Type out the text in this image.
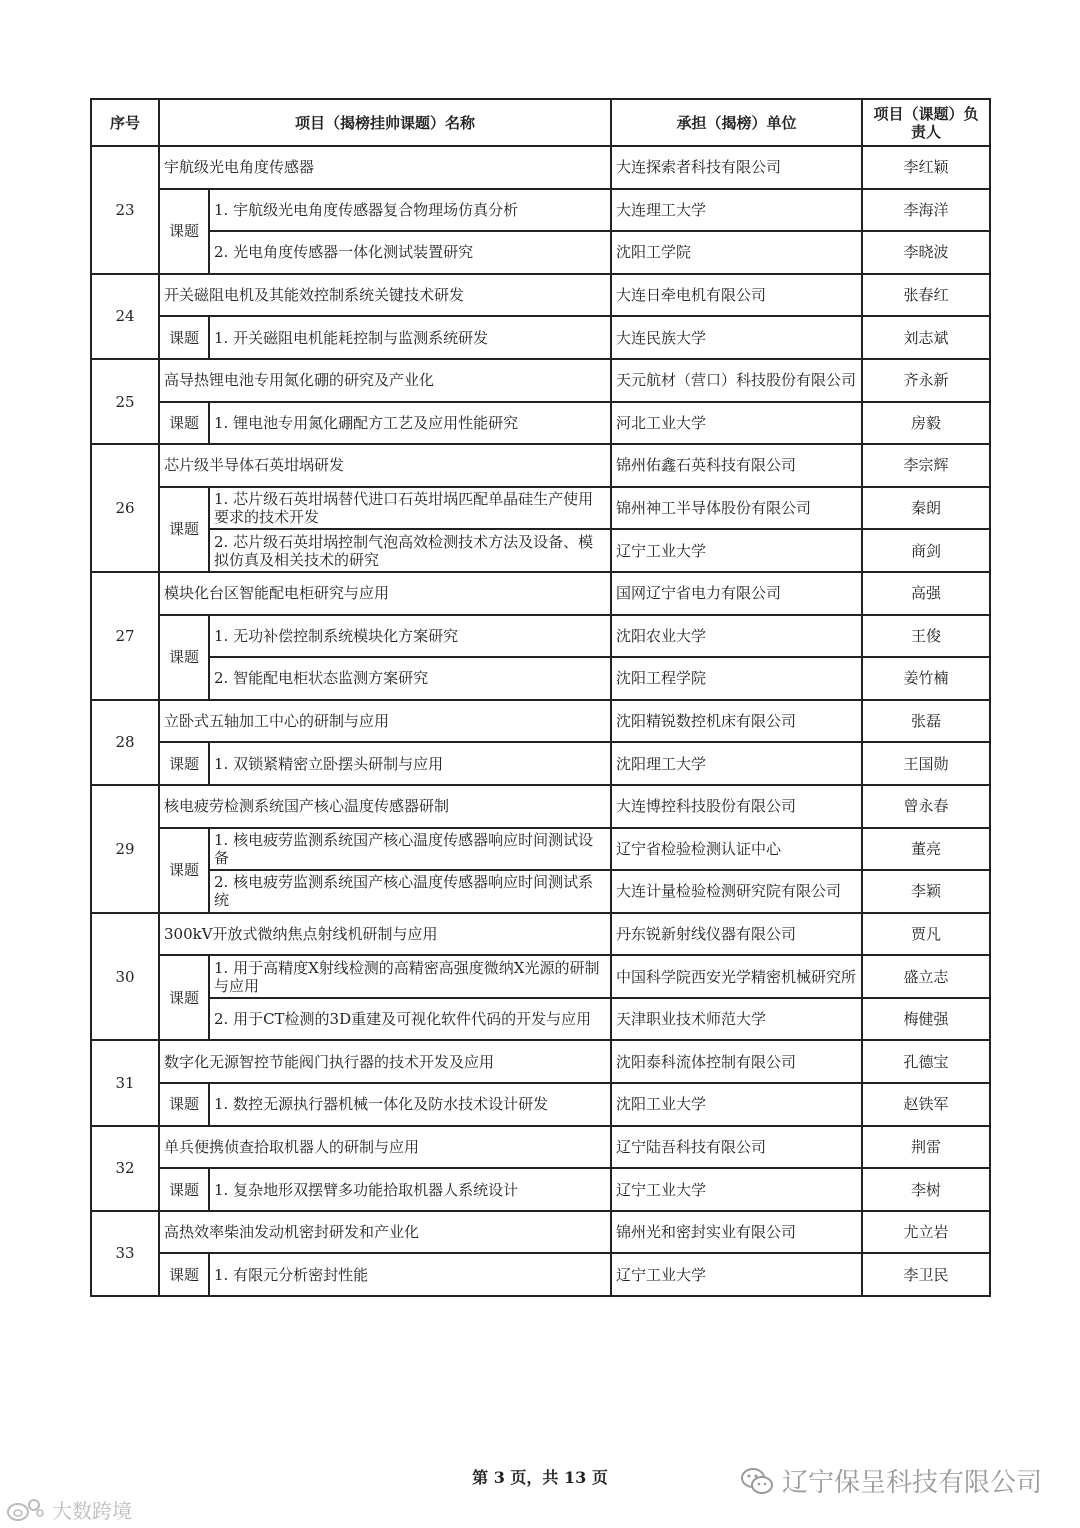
序号	项目（揭榜挂帅课题）名称		承担（揭榜）单位	项目（课题）负责人
23	宇航级光电角度传感器		大连探索者科技有限公司	李红颖
	课题	1. 宇航级光电角度传感器复合物理场仿真分析	大连理工大学	李海洋
		2. 光电角度传感器一体化测试装置研究	沈阳工学院	李晓波
24	开关磁阻电机及其能效控制系统关键技术研发		大连日牵电机有限公司	张春红
	课题	1. 开关磁阻电机能耗控制与监测系统研发	大连民族大学	刘志斌
25	高导热锂电池专用氮化硼的研究及产业化		天元航材（营口）科技股份有限公司	齐永新
	课题	1. 锂电池专用氮化硼配方工艺及应用性能研究	河北工业大学	房毅
26	芯片级半导体石英坩埚研发		锦州佑鑫石英科技有限公司	李宗辉
	课题	1. 芯片级石英坩埚替代进口石英坩埚匹配单晶硅生产使用要求的技术开发	锦州神工半导体股份有限公司	秦朗
		2. 芯片级石英坩埚控制气泡高效检测技术方法及设备、模拟仿真及相关技术的研究	辽宁工业大学	商剑
27	模块化台区智能配电柜研究与应用		国网辽宁省电力有限公司	高强
	课题	1. 无功补偿控制系统模块化方案研究	沈阳农业大学	王俊
		2. 智能配电柜状态监测方案研究	沈阳工程学院	姜竹楠
28	立卧式五轴加工中心的研制与应用		沈阳精锐数控机床有限公司	张磊
	课题	1. 双锁紧精密立卧摆头研制与应用	沈阳理工大学	王国勋
29	核电疲劳检测系统国产核心温度传感器研制		大连博控科技股份有限公司	曾永春
	课题	1. 核电疲劳监测系统国产核心温度传感器响应时间测试设备	辽宁省检验检测认证中心	董亮
		2. 核电疲劳监测系统国产核心温度传感器响应时间测试系统	大连计量检验检测研究院有限公司	李颖
30	300kV开放式微纳焦点射线机研制与应用		丹东锐新射线仪器有限公司	贾凡
	课题	1. 用于高精度X射线检测的高精密高强度微纳X光源的研制与应用	中国科学院西安光学精密机械研究所	盛立志
		2. 用于CT检测的3D重建及可视化软件代码的开发与应用	天津职业技术师范大学	梅健强
31	数字化无源智控节能阀门执行器的技术开发及应用		沈阳泰科流体控制有限公司	孔德宝
	课题	1. 数控无源执行器机械一体化及防水技术设计研发	沈阳工业大学	赵铁军
32	单兵便携侦查拾取机器人的研制与应用		辽宁陆吾科技有限公司	荆雷
	课题	1. 复杂地形双摆臂多功能拾取机器人系统设计	辽宁工业大学	李树
33	高热效率柴油发动机密封研发和产业化		锦州光和密封实业有限公司	尤立岩
	课题	1. 有限元分析密封性能	辽宁工业大学	李卫民
第 3 页，共 13 页
大数跨境
辽宁保呈科技有限公司
